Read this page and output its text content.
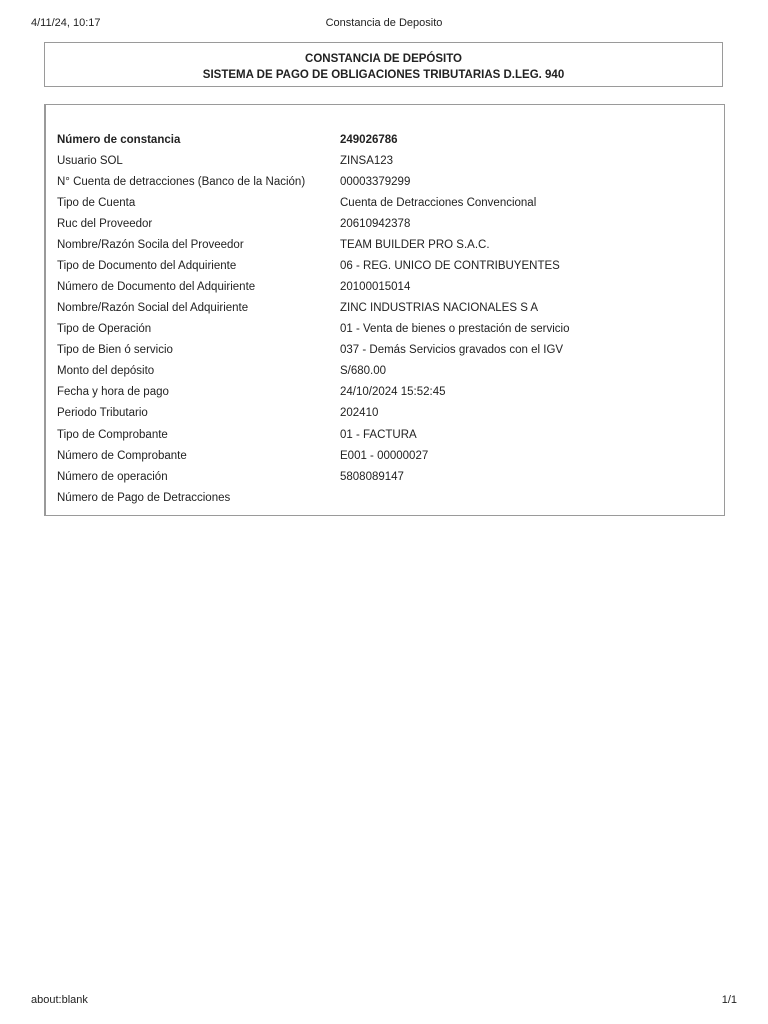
4/11/24, 10:17	Constancia de Deposito
CONSTANCIA DE DEPÓSITO
SISTEMA DE PAGO DE OBLIGACIONES TRIBUTARIAS D.LEG. 940
Número de constancia	249026786
Usuario SOL	ZINSA123
N° Cuenta de detracciones (Banco de la Nación)	00003379299
Tipo de Cuenta	Cuenta de Detracciones Convencional
Ruc del Proveedor	20610942378
Nombre/Razón Socila del Proveedor	TEAM BUILDER PRO S.A.C.
Tipo de Documento del Adquiriente	06 - REG. UNICO DE CONTRIBUYENTES
Número de Documento del Adquiriente	20100015014
Nombre/Razón Social del Adquiriente	ZINC INDUSTRIAS NACIONALES S A
Tipo de Operación	01 - Venta de bienes o prestación de servicio
Tipo de Bien ó servicio	037 - Demás Servicios gravados con el IGV
Monto del depósito	S/680.00
Fecha y hora de pago	24/10/2024 15:52:45
Periodo Tributario	202410
Tipo de Comprobante	01 - FACTURA
Número de Comprobante	E001 - 00000027
Número de operación	5808089147
Número de Pago de Detracciones
about:blank	1/1
